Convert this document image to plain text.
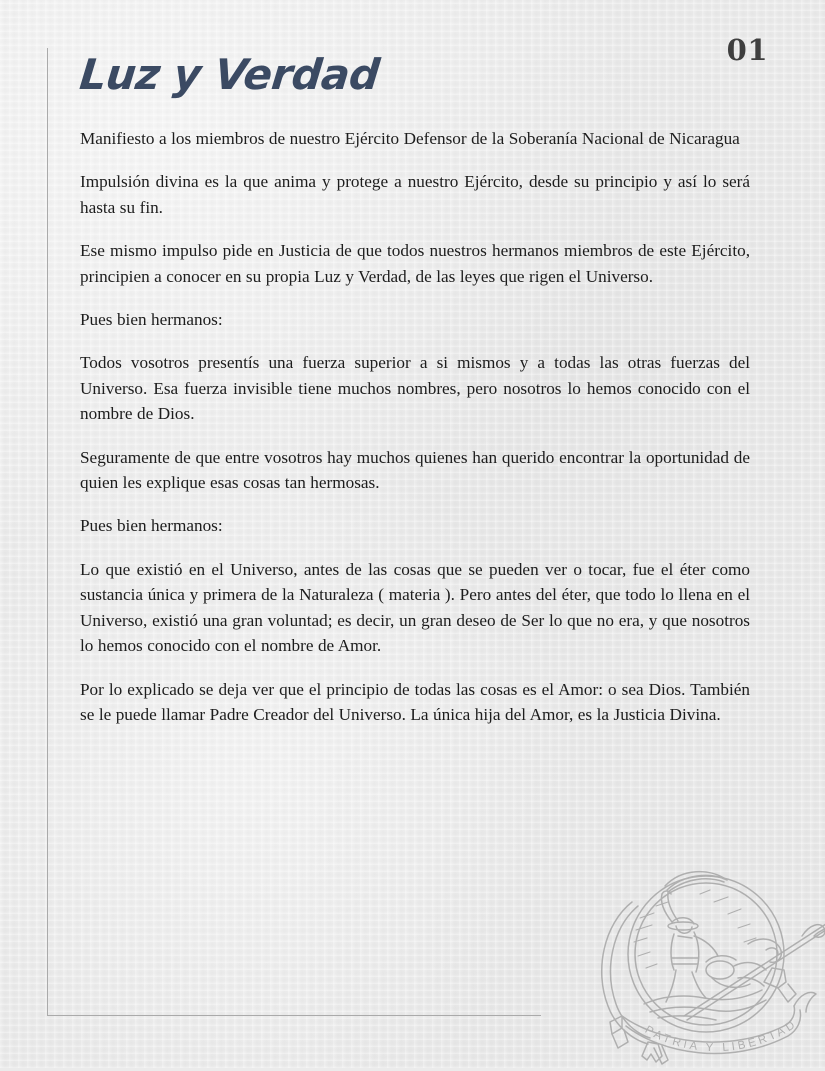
01
Luz y Verdad

Manifiesto a los miembros de nuestro Ejército Defensor de la Soberanía Nacional de Nicaragua

Impulsión divina es la que anima y protege a nuestro Ejército, desde su principio y así lo será hasta su fin.

Ese mismo impulso pide en Justicia de que todos nuestros hermanos miembros de este Ejército, principien a conocer en su propia Luz y Verdad, de las leyes que rigen el Universo.

Pues bien hermanos:

Todos vosotros presentís una fuerza superior a si mismos y a todas las otras fuerzas del Universo. Esa fuerza invisible tiene muchos nombres, pero nosotros lo hemos conocido con el nombre de Dios.

Seguramente de que entre vosotros hay muchos quienes han querido encontrar la oportunidad de quien les explique esas cosas tan hermosas.

Pues bien hermanos:

Lo que existió en el Universo, antes de las cosas que se pueden ver o tocar, fue el éter como sustancia única y primera de la Naturaleza ( materia ). Pero antes del éter, que todo lo llena en el Universo, existió una gran voluntad; es decir, un gran deseo de Ser lo que no era, y que nosotros lo hemos conocido con el nombre de Amor.

Por lo explicado se deja ver que el principio de todas las cosas es el Amor: o sea Dios. También se le puede llamar Padre Creador del Universo. La única hija del Amor, es la Justicia Divina.

PATRIA Y LIBERTAD
